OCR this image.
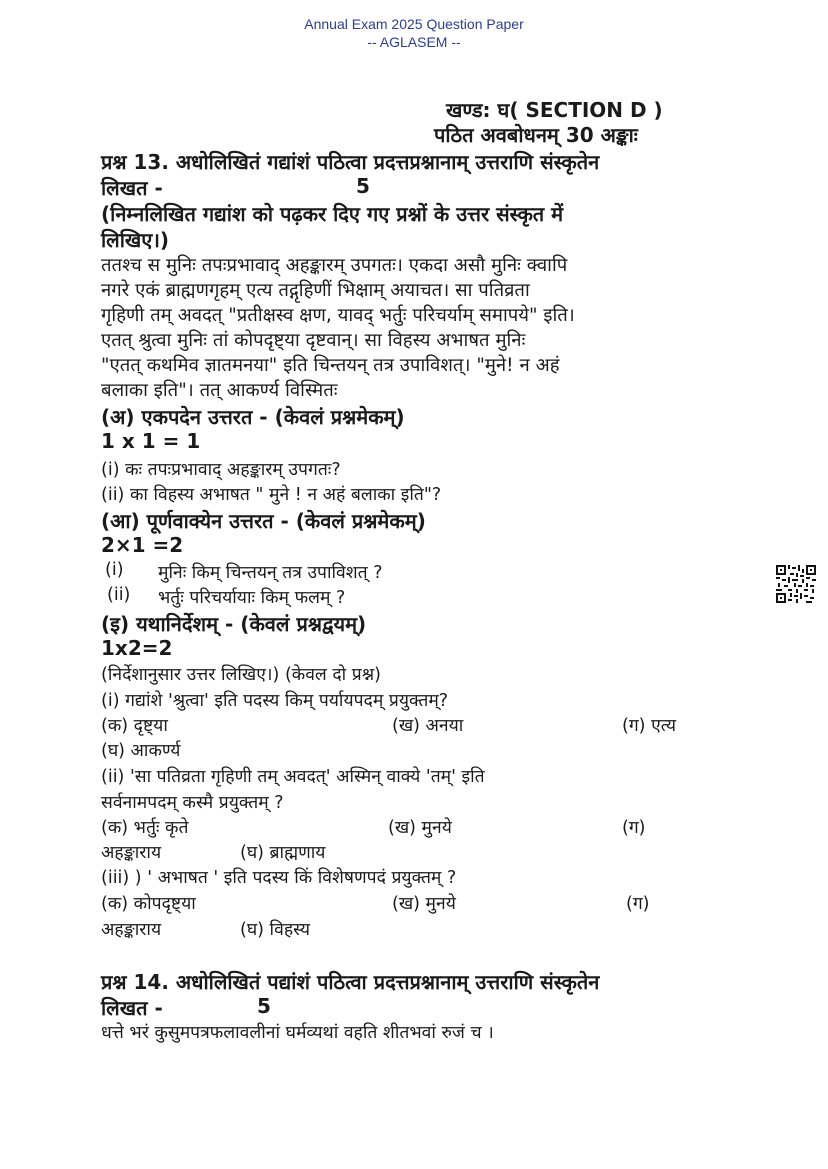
Annual Exam 2025 Question Paper
-- AGLASEM --
खण्ड: घ( SECTION D )
पठित अवबोधनम् 30 अङ्काः
प्रश्न 13. अधोलिखितं गद्यांशं पठित्वा प्रदत्तप्रश्नानाम् उत्तराणि संस्कृतेन
लिखत -	5
(निम्नलिखित गद्यांश को पढ़कर दिए गए प्रश्नों के उत्तर संस्कृत में
लिखिए।)
ततश्च स मुनिः तपःप्रभावाद् अहङ्कारम् उपगतः। एकदा असौ मुनिः क्वापि
नगरे एकं ब्राह्मणगृहम् एत्य तद्गृहिणीं भिक्षाम् अयाचत। सा पतिव्रता
गृहिणी तम् अवदत् "प्रतीक्षस्व क्षण, यावद् भर्तुः परिचर्याम् समापये" इति।
एतत् श्रुत्वा मुनिः तां कोपदृष्ट्या दृष्टवान्। सा विहस्य अभाषत मुनिः
"एतत् कथमिव ज्ञातमनया" इति चिन्तयन् तत्र उपाविशत्। "मुने! न अहं
बलाका इति"। तत् आकर्ण्य विस्मितः
(अ) एकपदेन उत्तरत - (केवलं प्रश्नमेकम्)
1 x 1 = 1
(i) कः तपःप्रभावाद् अहङ्कारम् उपगतः?
(ii) का विहस्य अभाषत " मुने ! न अहं बलाका इति"?
(आ) पूर्णवाक्येन उत्तरत - (केवलं प्रश्नमेकम्)
2×1 =2
(i) मुनिः किम् चिन्तयन् तत्र उपाविशत् ?
(ii) भर्तुः परिचर्यायाः किम् फलम् ?
(इ) यथानिर्देशम् - (केवलं प्रश्नद्वयम्)
1x2=2
(निर्देशानुसार उत्तर लिखिए।) (केवल दो प्रश्न)
(i) गद्यांशे 'श्रुत्वा' इति पदस्य किम् पर्यायपदम् प्रयुक्तम्?
(क) दृष्ट्या	(ख) अनया	(ग) एत्य
(घ) आकर्ण्य
(ii) 'सा पतिव्रता गृहिणी तम् अवदत्' अस्मिन् वाक्ये 'तम्' इति
सर्वनामपदम् कस्मै प्रयुक्तम् ?
(क) भर्तुः कृते	(ख) मुनये	(ग)
अहङ्काराय	(घ) ब्राह्मणाय
(iii) ) ' अभाषत ' इति पदस्य किं विशेषणपदं प्रयुक्तम् ?
(क) कोपदृष्ट्या	(ख) मुनये	(ग)
अहङ्काराय	(घ) विहस्य
प्रश्न 14. अधोलिखितं पद्यांशं पठित्वा प्रदत्तप्रश्नानाम् उत्तराणि संस्कृतेन
लिखत -	5
धत्ते भरं कुसुमपत्रफलावलीनां घर्मव्यथां वहति शीतभवां रुजं च ।
